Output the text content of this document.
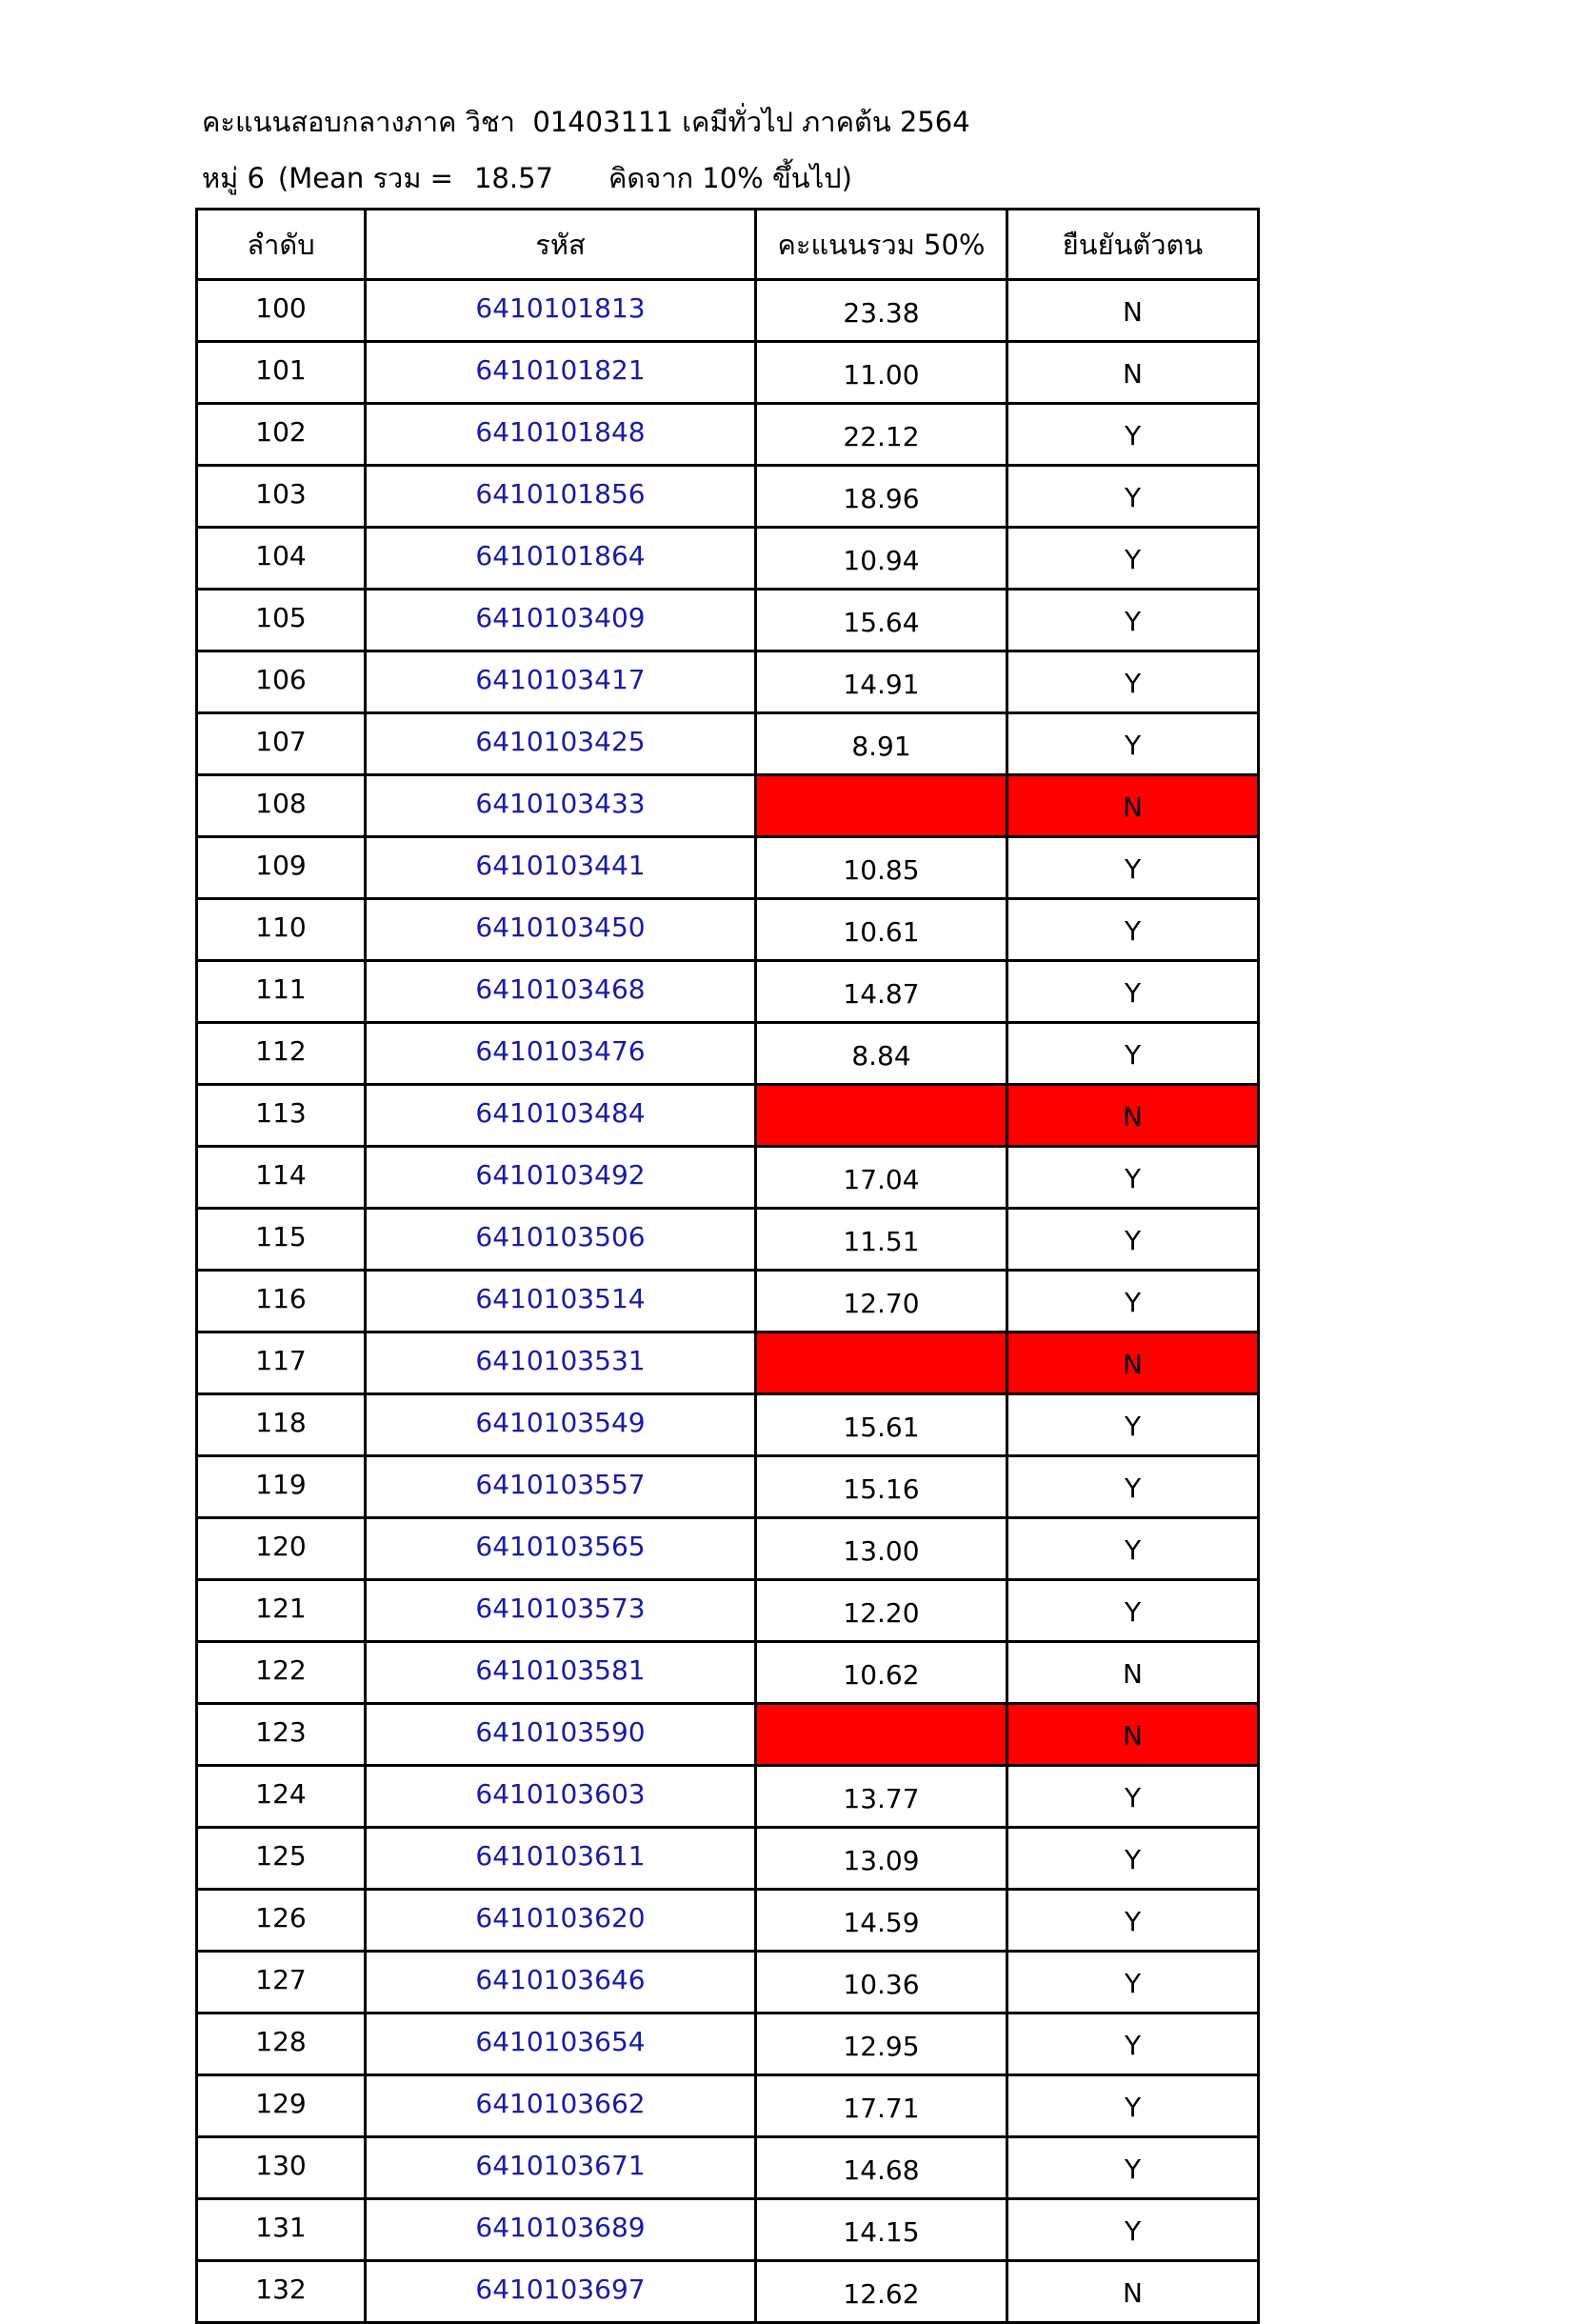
คะแนนสอบกลางภาค วิชา  01403111 เคมีทั่วไป ภาคต้น 2564
หมู่ 6 (Mean รวม = 18.57 คิดจาก 10% ขึ้นไป)
ลำดับ	รหัส	คะแนนรวม 50%	ยืนยันตัวตน
100	6410101813	23.38	N
101	6410101821	11.00	N
102	6410101848	22.12	Y
103	6410101856	18.96	Y
104	6410101864	10.94	Y
105	6410103409	15.64	Y
106	6410103417	14.91	Y
107	6410103425	8.91	Y
108	6410103433		N
109	6410103441	10.85	Y
110	6410103450	10.61	Y
111	6410103468	14.87	Y
112	6410103476	8.84	Y
113	6410103484		N
114	6410103492	17.04	Y
115	6410103506	11.51	Y
116	6410103514	12.70	Y
117	6410103531		N
118	6410103549	15.61	Y
119	6410103557	15.16	Y
120	6410103565	13.00	Y
121	6410103573	12.20	Y
122	6410103581	10.62	N
123	6410103590		N
124	6410103603	13.77	Y
125	6410103611	13.09	Y
126	6410103620	14.59	Y
127	6410103646	10.36	Y
128	6410103654	12.95	Y
129	6410103662	17.71	Y
130	6410103671	14.68	Y
131	6410103689	14.15	Y
132	6410103697	12.62	N
